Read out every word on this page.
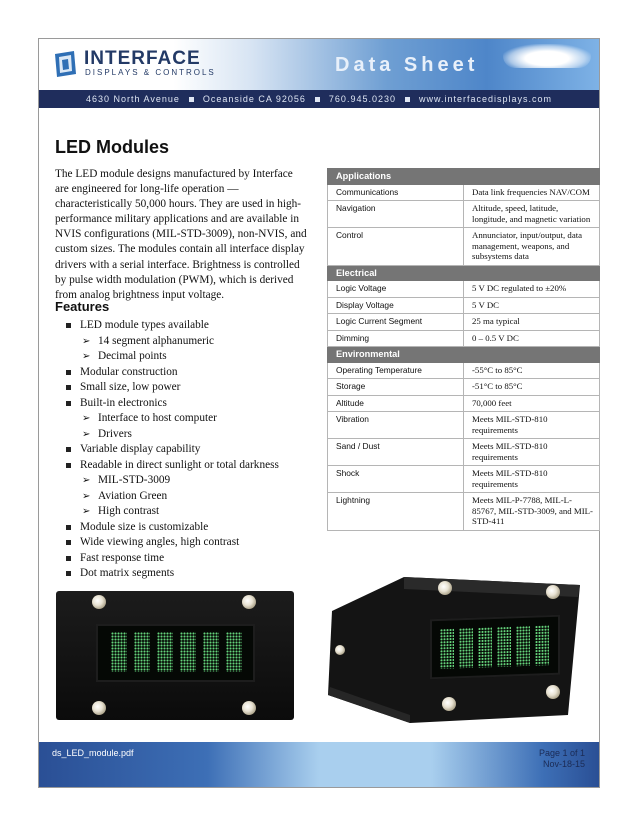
INTERFACE
DISPLAYS & CONTROLS	Data Sheet
4630 North Avenue	Oceanside CA 92056	760.945.0230	www.interfacedisplays.com
LED Modules

The LED module designs manufactured by Interface are engineered for long-life operation — characteristically 50,000 hours. They are used in high-performance military applications and are available in NVIS configurations (MIL-STD-3009), non-NVIS, and custom sizes. The modules contain all interface display drivers with a serial interface. Brightness is controlled by pulse width modulation (PWM), which is derived from analog brightness input voltage.

Features
LED module types available
➢ 14 segment alphanumeric
➢ Decimal points
Modular construction
Small size, low power
Built-in electronics
➢ Interface to host computer
➢ Drivers
Variable display capability
Readable in direct sunlight or total darkness
➢ MIL-STD-3009
➢ Aviation Green
➢ High contrast
Module size is customizable
Wide viewing angles, high contrast
Fast response time
Dot matrix segments
Applications	
Communications	Data link frequencies NAV/COM
Navigation	Altitude, speed, latitude, longitude, and magnetic variation
Control	Annunciator, input/output, data management, weapons, and subsystems data
Electrical	
Logic Voltage	5 V DC regulated to ±20%
Display Voltage	5 V DC
Logic Current Segment	25 ma typical
Dimming	0 – 0.5 V DC
Environmental	
Operating Temperature	-55°C to 85°C
Storage	-51°C to 85°C
Altitude	70,000 feet
Vibration	Meets MIL-STD-810 requirements
Sand / Dust	Meets MIL-STD-810 requirements
Shock	Meets MIL-STD-810 requirements
Lightning	Meets MIL-P-7788, MIL-L-85767, MIL-STD-3009, and MIL-STD-411
ds_LED_module.pdf	Page 1 of 1
Nov-18-15
